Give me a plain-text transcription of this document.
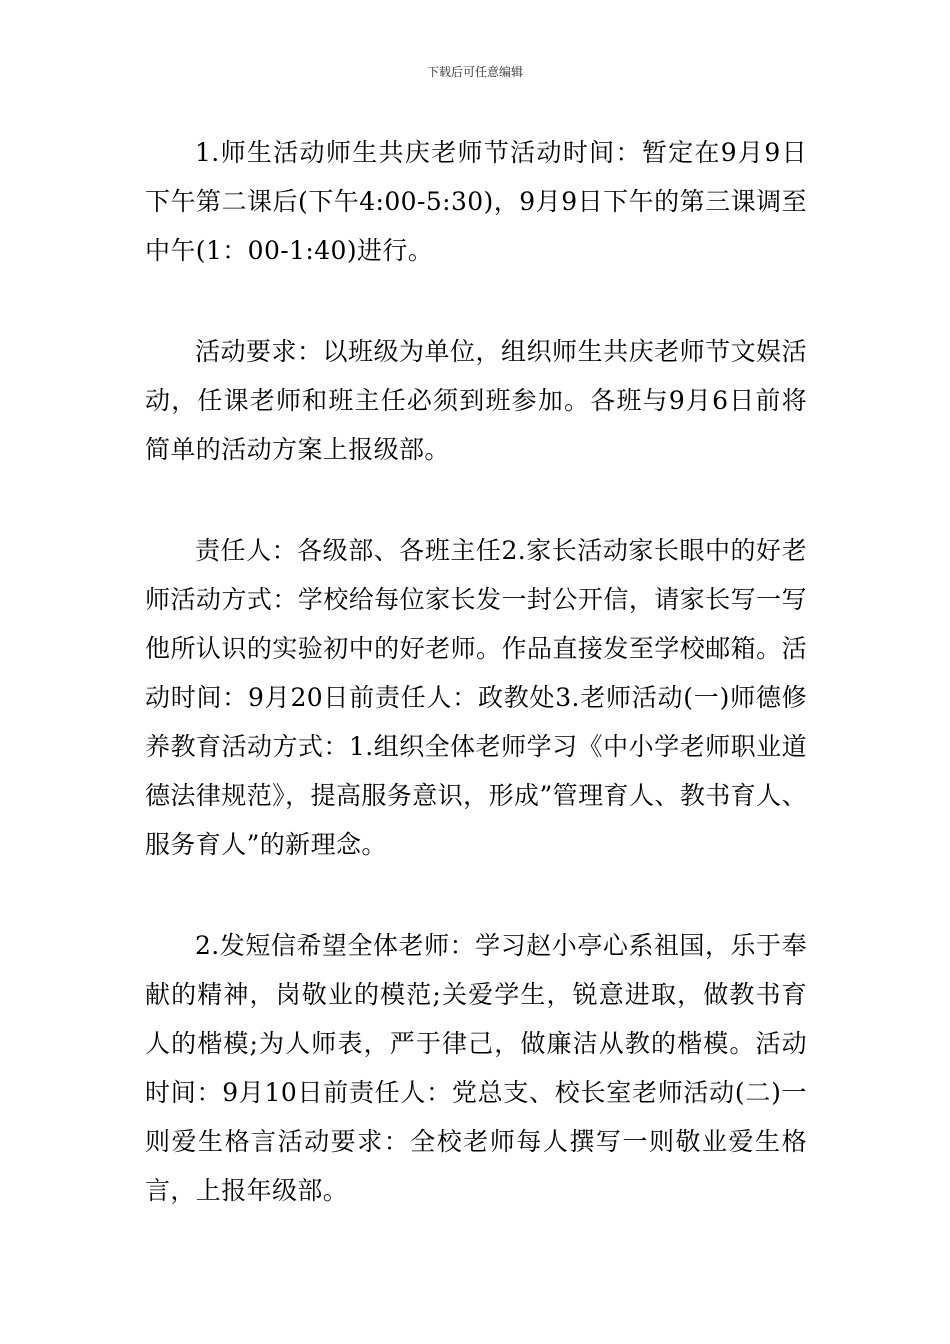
下载后可任意编辑

1.师生活动师生共庆老师节活动时间：暂定在9月9日下午第二课后(下午4:00-5:30)，9月9日下午的第三课调至中午(1：00-1:40)进行。

活动要求：以班级为单位，组织师生共庆老师节文娱活动，任课老师和班主任必须到班参加。各班与9月6日前将简单的活动方案上报级部。

责任人：各级部、各班主任2.家长活动家长眼中的好老师活动方式：学校给每位家长发一封公开信，请家长写一写他所认识的实验初中的好老师。作品直接发至学校邮箱。活动时间：9月20日前责任人：政教处3.老师活动(一)师德修养教育活动方式：1.组织全体老师学习《中小学老师职业道德法律规范》，提高服务意识，形成”管理育人、教书育人、服务育人”的新理念。

2.发短信希望全体老师：学习赵小亭心系祖国，乐于奉献的精神，岗敬业的模范;关爱学生，锐意进取，做教书育人的楷模;为人师表，严于律己，做廉洁从教的楷模。活动时间：9月10日前责任人：党总支、校长室老师活动(二)一则爱生格言活动要求：全校老师每人撰写一则敬业爱生格言，上报年级部。
